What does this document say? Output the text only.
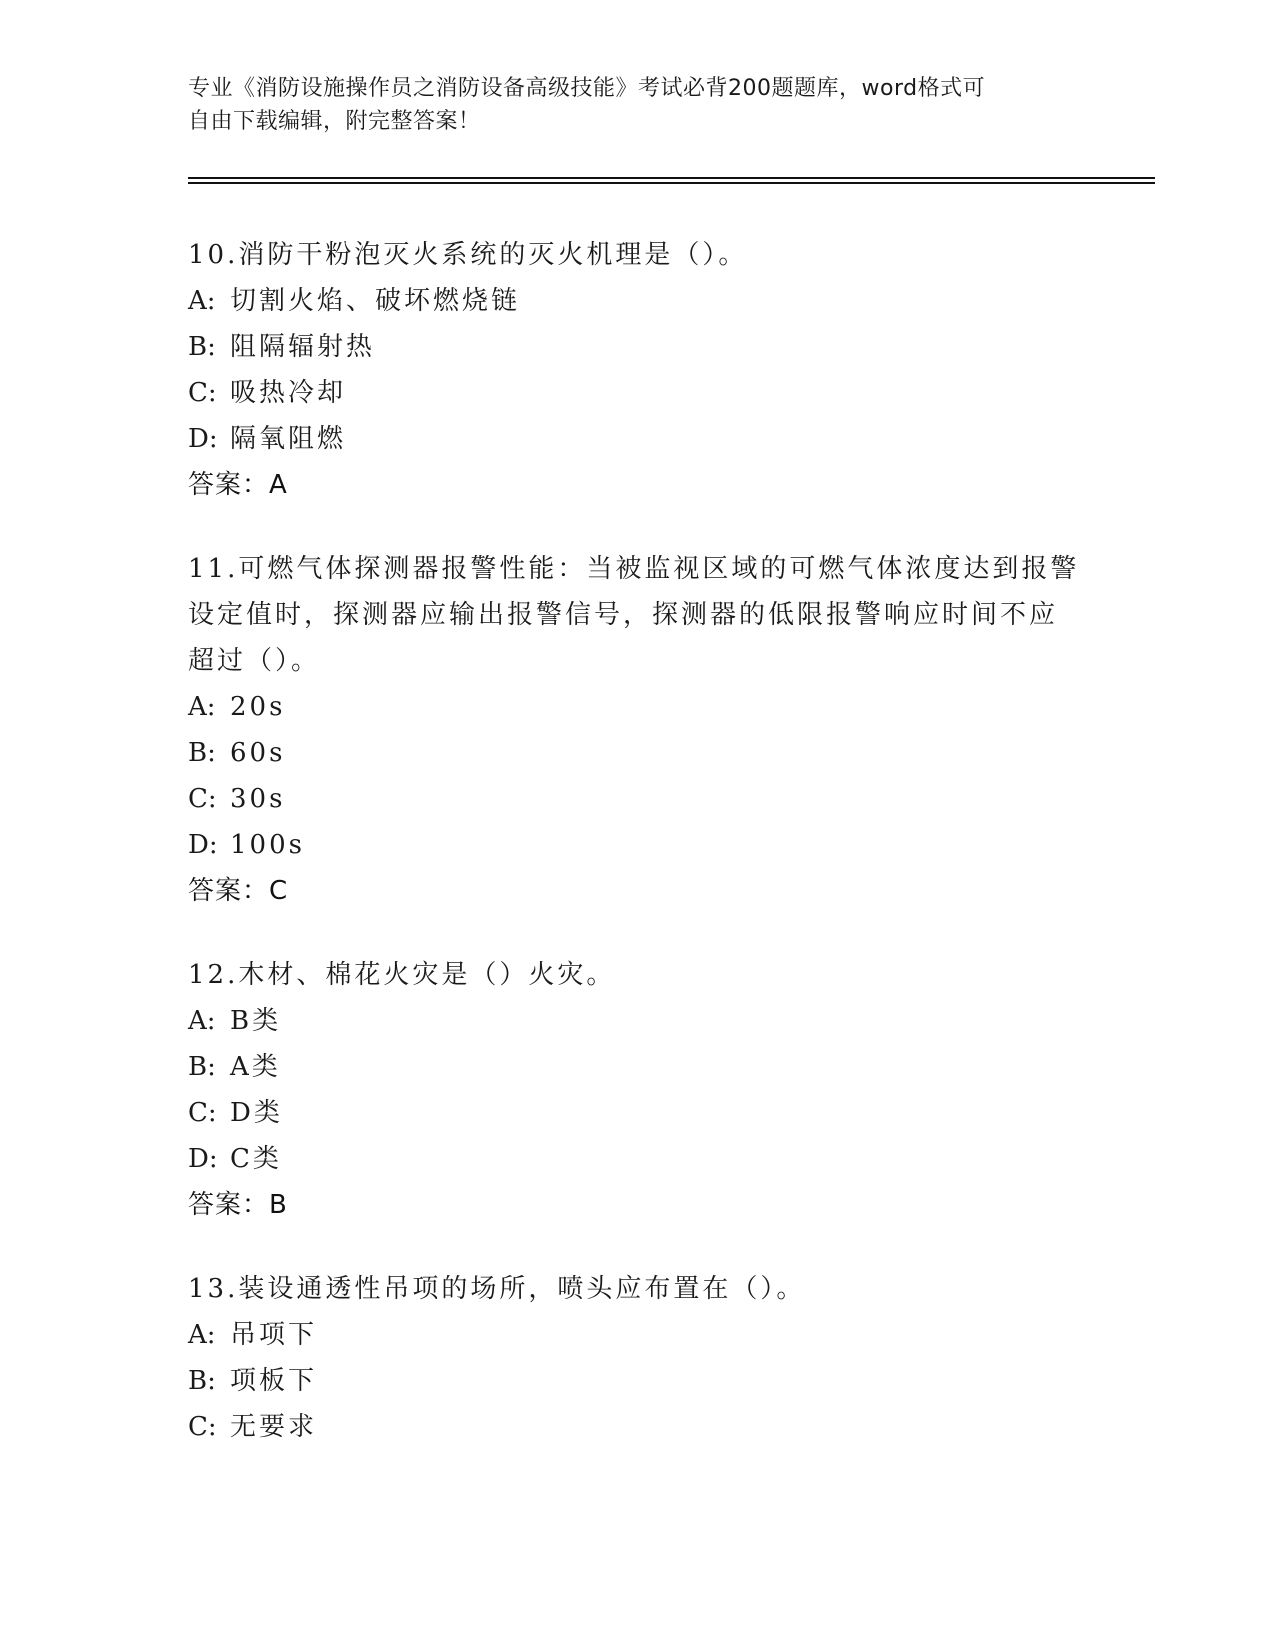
专业《消防设施操作员之消防设备高级技能》考试必背200题题库，word格式可
自由下载编辑，附完整答案！
10.消防干粉泡灭火系统的灭火机理是（）。
A: 切割火焰、破坏燃烧链
B: 阻隔辐射热
C: 吸热冷却
D: 隔氧阻燃
答案：A
11.可燃气体探测器报警性能：当被监视区域的可燃气体浓度达到报警
设定值时，探测器应输出报警信号，探测器的低限报警响应时间不应
超过（）。
A: 20s
B: 60s
C: 30s
D: 100s
答案：C
12.木材、棉花火灾是（）火灾。
A: B类
B: A类
C: D类
D: C类
答案：B
13.装设通透性吊项的场所，喷头应布置在（）。
A: 吊项下
B: 项板下
C: 无要求
